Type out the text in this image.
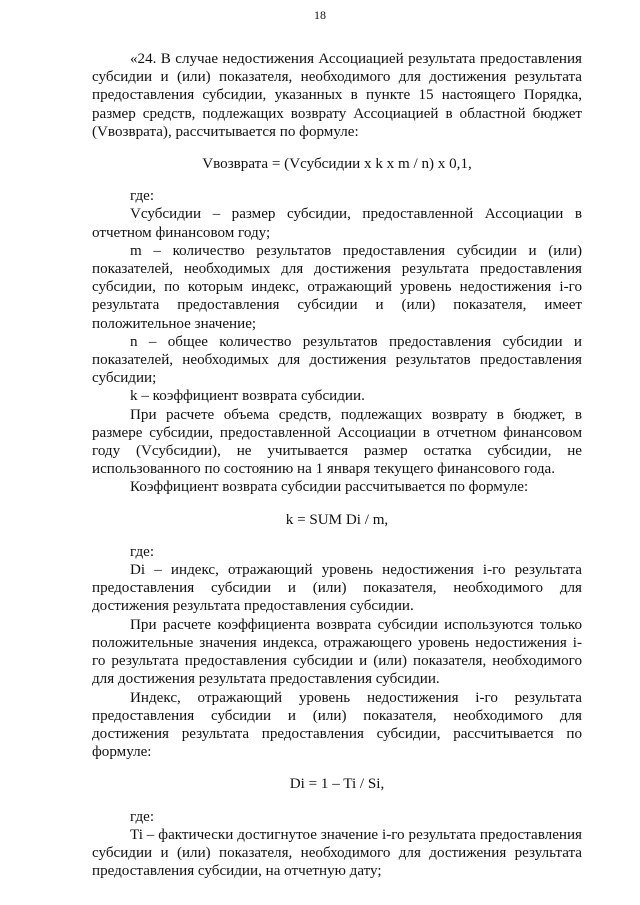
18

«24. В случае недостижения Ассоциацией результата предоставления субсидии и (или) показателя, необходимого для достижения результата предоставления субсидии, указанных в пункте 15 настоящего Порядка, размер средств, подлежащих возврату Ассоциацией в областной бюджет (Vвозврата), рассчитывается по формуле:

Vвозврата = (Vсубсидии x k x m / n) x 0,1,

где:

Vсубсидии – размер субсидии, предоставленной Ассоциации в отчетном финансовом году;

m – количество результатов предоставления субсидии и (или) показателей, необходимых для достижения результата предоставления субсидии, по которым индекс, отражающий уровень недостижения i-го результата предоставления субсидии и (или) показателя, имеет положительное значение;

n – общее количество результатов предоставления субсидии и показателей, необходимых для достижения результатов предоставления субсидии;

k – коэффициент возврата субсидии.

При расчете объема средств, подлежащих возврату в бюджет, в размере субсидии, предоставленной Ассоциации в отчетном финансовом году (Vсубсидии), не учитывается размер остатка субсидии, не использованного по состоянию на 1 января текущего финансового года.

Коэффициент возврата субсидии рассчитывается по формуле:

k = SUM Di / m,

где:

Di – индекс, отражающий уровень недостижения i-го результата предоставления субсидии и (или) показателя, необходимого для достижения результата предоставления субсидии.

При расчете коэффициента возврата субсидии используются только положительные значения индекса, отражающего уровень недостижения i-го результата предоставления субсидии и (или) показателя, необходимого для достижения результата предоставления субсидии.

Индекс, отражающий уровень недостижения i-го результата предоставления субсидии и (или) показателя, необходимого для достижения результата предоставления субсидии, рассчитывается по формуле:

Di = 1 – Ti / Si,

где:

Ti – фактически достигнутое значение i-го результата предоставления субсидии и (или) показателя, необходимого для достижения результата предоставления субсидии, на отчетную дату;
